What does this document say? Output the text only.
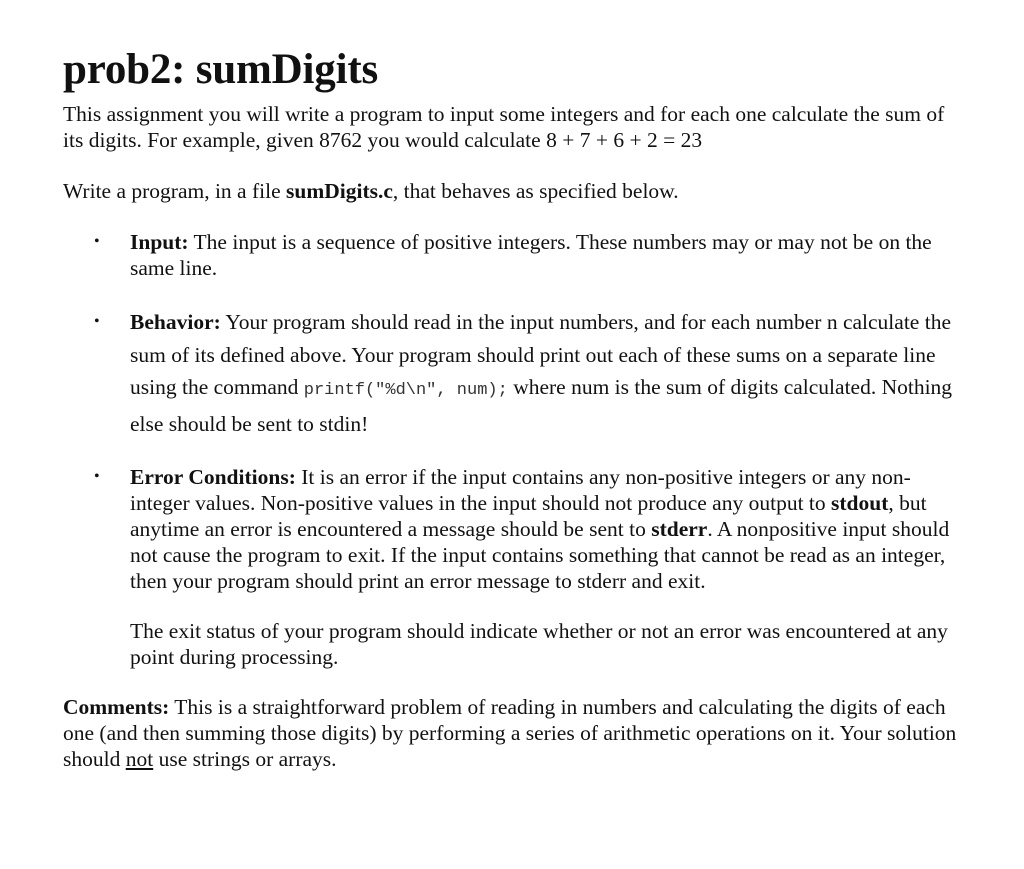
prob2: sumDigits

This assignment you will write a program to input some integers and for each one calculate the sum of its digits. For example, given 8762 you would calculate 8 + 7 + 6 + 2 = 23

Write a program, in a file sumDigits.c, that behaves as specified below.

• Input: The input is a sequence of positive integers. These numbers may or may not be on the same line.
• Behavior: Your program should read in the input numbers, and for each number n calculate the sum of its defined above. Your program should print out each of these sums on a separate line using the command printf("%d\n", num); where num is the sum of digits calculated. Nothing else should be sent to stdin!
• Error Conditions: It is an error if the input contains any non-positive integers or any non-integer values. Non-positive values in the input should not produce any output to stdout, but anytime an error is encountered a message should be sent to stderr. A nonpositive input should not cause the program to exit. If the input contains something that cannot be read as an integer, then your program should print an error message to stderr and exit.

The exit status of your program should indicate whether or not an error was encountered at any point during processing.

Comments: This is a straightforward problem of reading in numbers and calculating the digits of each one (and then summing those digits) by performing a series of arithmetic operations on it. Your solution should not use strings or arrays.
